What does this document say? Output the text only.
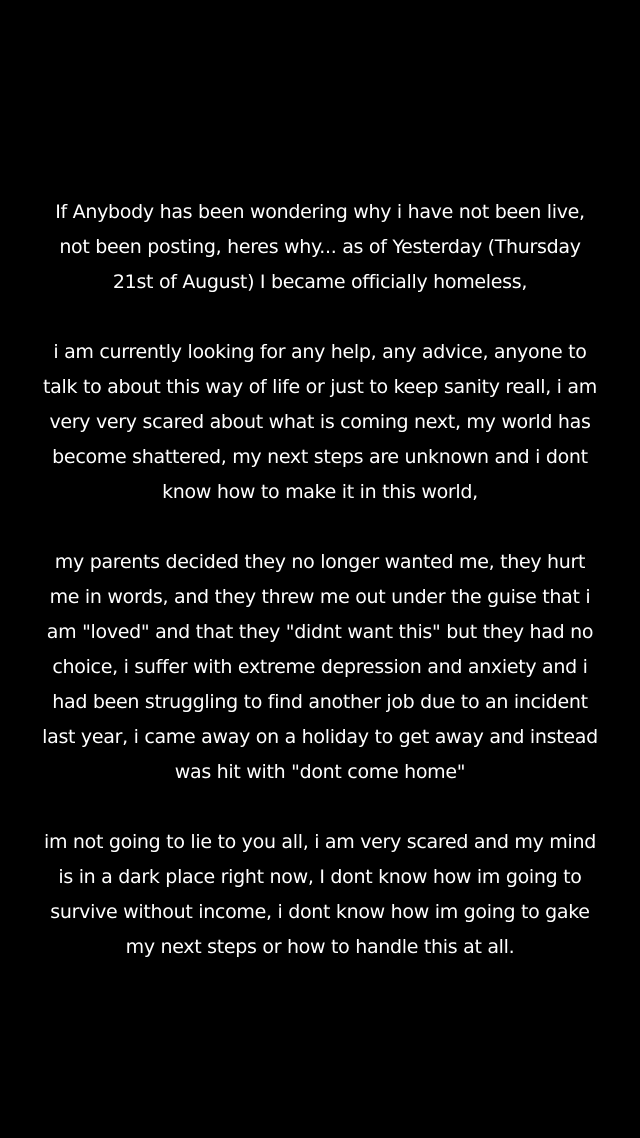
If Anybody has been wondering why i have not been live,
not been posting, heres why... as of Yesterday (Thursday
21st of August) I became officially homeless,

i am currently looking for any help, any advice, anyone to
talk to about this way of life or just to keep sanity reall, i am
very very scared about what is coming next, my world has
become shattered, my next steps are unknown and i dont
know how to make it in this world,

my parents decided they no longer wanted me, they hurt
me in words, and they threw me out under the guise that i
am "loved" and that they "didnt want this" but they had no
choice, i suffer with extreme depression and anxiety and i
had been struggling to find another job due to an incident
last year, i came away on a holiday to get away and instead
was hit with "dont come home"

im not going to lie to you all, i am very scared and my mind
is in a dark place right now, I dont know how im going to
survive without income, i dont know how im going to gake
my next steps or how to handle this at all.
